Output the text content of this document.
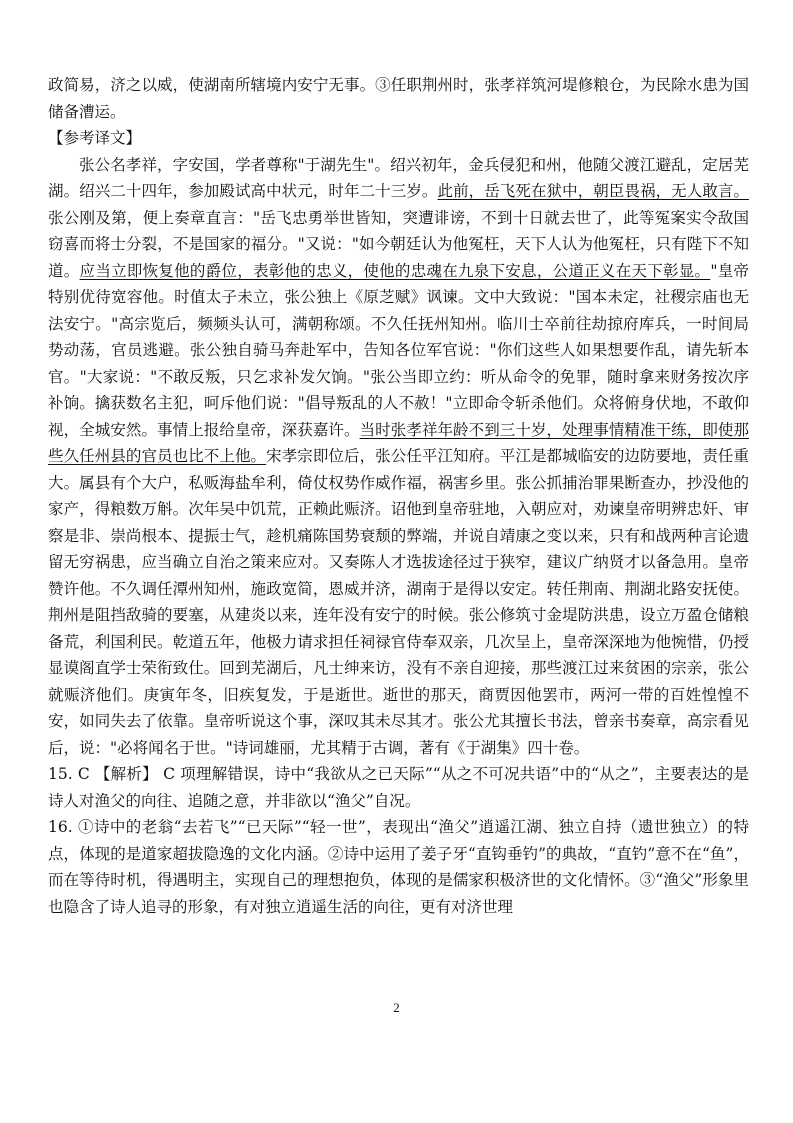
政简易，济之以威，使湖南所辖境内安宁无事。③任职荆州时，张孝祥筑河堤修粮仓，为民除水患为国储备漕运。

【参考译文】

张公名孝祥，字安国，学者尊称"于湖先生"。绍兴初年，金兵侵犯和州，他随父渡江避乱，定居芜湖。绍兴二十四年，参加殿试高中状元，时年二十三岁。此前，岳飞死在狱中，朝臣畏祸，无人敢言。张公刚及第，便上奏章直言："岳飞忠勇举世皆知，突遭诽谤，不到十日就去世了，此等冤案实令敌国窃喜而将士分裂，不是国家的福分。"又说："如今朝廷认为他冤枉，天下人认为他冤枉，只有陛下不知道。应当立即恢复他的爵位，表彰他的忠义，使他的忠魂在九泉下安息，公道正义在天下彰显。"皇帝特别优待宽容他。时值太子未立，张公独上《原芝赋》讽谏。文中大致说："国本未定，社稷宗庙也无法安宁。"高宗览后，频频头认可，满朝称颂。不久任抚州知州。临川士卒前往劫掠府库兵，一时间局势动荡，官员逃避。张公独自骑马奔赴军中，告知各位军官说："你们这些人如果想要作乱，请先斩本官。"大家说："不敢反叛，只乞求补发欠饷。"张公当即立约：听从命令的免罪，随时拿来财务按次序补饷。擒获数名主犯，呵斥他们说："倡导叛乱的人不赦！"立即命令斩杀他们。众将俯身伏地，不敢仰视，全城安然。事情上报给皇帝，深获嘉许。当时张孝祥年龄不到三十岁，处理事情精准干练，即使那些久任州县的官员也比不上他。宋孝宗即位后，张公任平江知府。平江是都城临安的边防要地，责任重大。属县有个大户，私贩海盐牟利，倚仗权势作威作福，祸害乡里。张公抓捕治罪果断查办，抄没他的家产，得粮数万斛。次年吴中饥荒，正赖此赈济。诏他到皇帝驻地，入朝应对，劝谏皇帝明辨忠奸、审察是非、崇尚根本、提振士气，趁机痛陈国势衰颓的弊端，并说自靖康之变以来，只有和战两种言论遗留无穷祸患，应当确立自治之策来应对。又奏陈人才选拔途径过于狭窄，建议广纳贤才以备急用。皇帝赞许他。不久调任潭州知州，施政宽简，恩威并济，湖南于是得以安定。转任荆南、荆湖北路安抚使。荆州是阻挡敌骑的要塞，从建炎以来，连年没有安宁的时候。张公修筑寸金堤防洪患，设立万盈仓储粮备荒，利国利民。乾道五年，他极力请求担任祠禄官侍奉双亲，几次呈上，皇帝深深地为他惋惜，仍授显谟阁直学士荣衔致仕。回到芜湖后，凡士绅来访，没有不亲自迎接，那些渡江过来贫困的宗亲，张公就赈济他们。庚寅年冬，旧疾复发，于是逝世。逝世的那天，商贾因他罢市，两河一带的百姓惶惶不安，如同失去了依靠。皇帝听说这个事，深叹其未尽其才。张公尤其擅长书法，曾亲书奏章，高宗看见后，说："必将闻名于世。"诗词雄丽，尤其精于古调，著有《于湖集》四十卷。

15. C 【解析】 C 项理解错误，诗中“我欲从之已天际”“从之不可况共语”中的“从之”，主要表达的是诗人对渔父的向往、追随之意，并非欲以“渔父”自况。

16. ①诗中的老翁“去若飞”“已天际”“轻一世”，表现出“渔父”逍遥江湖、独立自持（遗世独立）的特点，体现的是道家超拔隐逸的文化内涵。②诗中运用了姜子牙“直钩垂钓”的典故，“直钓”意不在“鱼”，而在等待时机，得遇明主，实现自己的理想抱负，体现的是儒家积极济世的文化情怀。③“渔父”形象里也隐含了诗人追寻的形象，有对独立逍遥生活的向往，更有对济世理

2
